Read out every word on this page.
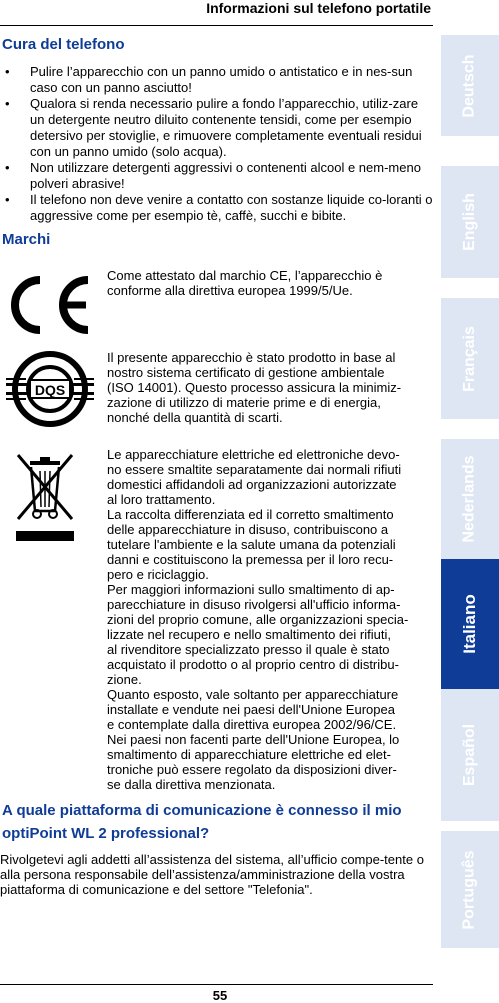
Informazioni sul telefono portatile
Deutsch
English
Français
Nederlands
Italiano
Español
Português
Cura del telefono
• Pulire l’apparecchio con un panno umido o antistatico e in nes-sun caso con un panno asciutto!
• Qualora si renda necessario pulire a fondo l’apparecchio, utiliz-zare un detergente neutro diluito contenente tensidi, come per esempio detersivo per stoviglie, e rimuovere completamente eventuali residui con un panno umido (solo acqua).
• Non utilizzare detergenti aggressivi o contenenti alcool e nem-meno polveri abrasive!
• Il telefono non deve venire a contatto con sostanze liquide co-loranti o aggressive come per esempio tè, caffè, succhi e bibite.
Marchi
Come attestato dal marchio CE, l’apparecchio è
conforme alla direttiva europea 1999/5/Ue.
DQS
Il presente apparecchio è stato prodotto in base al
nostro sistema certificato di gestione ambientale
(ISO 14001). Questo processo assicura la minimiz-
zazione di utilizzo di materie prime e di energia,
nonché della quantità di scarti.
Le apparecchiature elettriche ed elettroniche devo-
no essere smaltite separatamente dai normali rifiuti
domestici affidandoli ad organizzazioni autorizzate
al loro trattamento.
La raccolta differenziata ed il corretto smaltimento
delle apparecchiature in disuso, contribuiscono a
tutelare l'ambiente e la salute umana da potenziali
danni e costituiscono la premessa per il loro recu-
pero e riciclaggio.
Per maggiori informazioni sullo smaltimento di ap-
parecchiature in disuso rivolgersi all'ufficio informa-
zioni del proprio comune, alle organizzazioni specia-
lizzate nel recupero e nello smaltimento dei rifiuti,
al rivenditore specializzato presso il quale è stato
acquistato il prodotto o al proprio centro di distribu-
zione.
Quanto esposto, vale soltanto per apparecchiature
installate e vendute nei paesi dell'Unione Europea
e contemplate dalla direttiva europea 2002/96/CE.
Nei paesi non facenti parte dell'Unione Europea, lo
smaltimento di apparecchiature elettriche ed elet-
troniche può essere regolato da disposizioni diver-
se dalla direttiva menzionata.
A quale piattaforma di comunicazione è connesso il mio optiPoint WL 2 professional?

Rivolgetevi agli addetti all’assistenza del sistema, all’ufficio compe-tente o alla persona responsabile dell’assistenza/amministrazione della vostra piattaforma di comunicazione e del settore "Telefonia".

55
